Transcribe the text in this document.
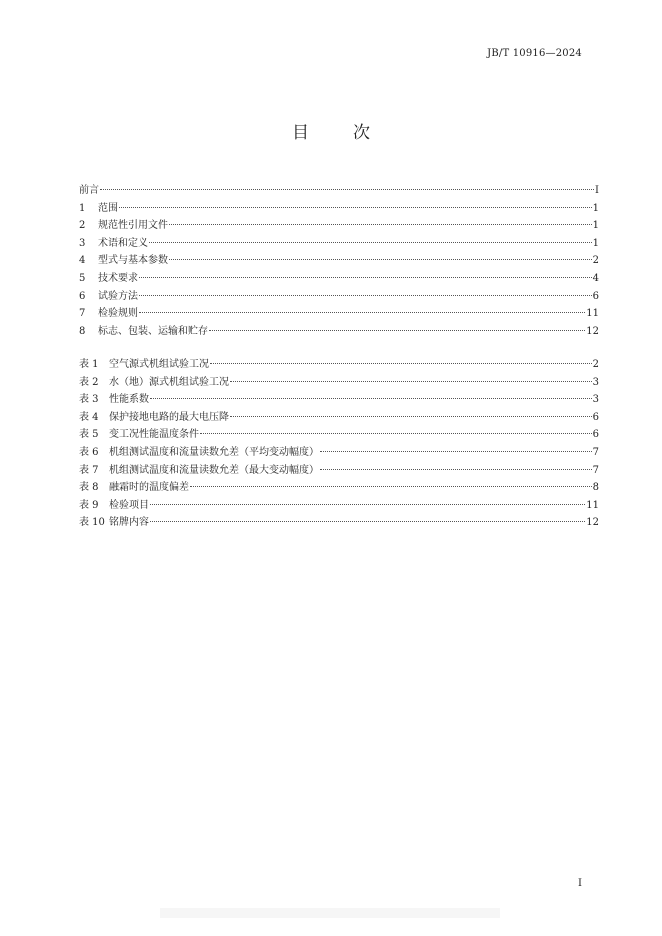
JB/T 10916—2024
目	次
前言	I
1	范围	1
2	规范性引用文件	1
3	术语和定义	1
4	型式与基本参数	2
5	技术要求	4
6	试验方法	6
7	检验规则	11
8	标志、包装、运输和贮存	12
表 1	空气源式机组试验工况	2
表 2	水（地）源式机组试验工况	3
表 3	性能系数	3
表 4	保护接地电路的最大电压降	6
表 5	变工况性能温度条件	6
表 6	机组测试温度和流量读数允差（平均变动幅度）	7
表 7	机组测试温度和流量读数允差（最大变动幅度）	7
表 8	融霜时的温度偏差	8
表 9	检验项目	11
表 10 铭牌内容	12
I
